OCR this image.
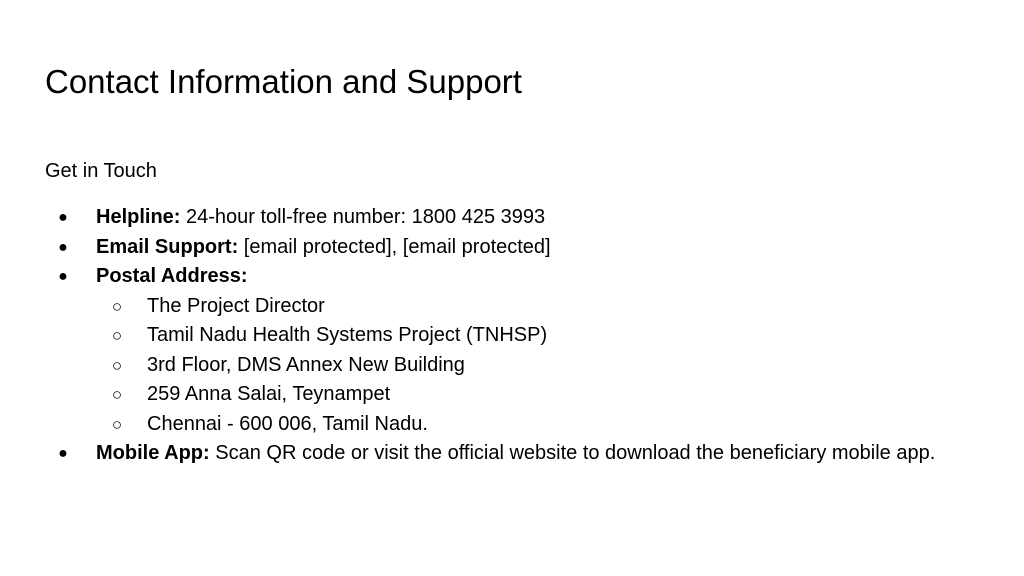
Contact Information and Support
Get in Touch
● Helpline: 24-hour toll-free number: 1800 425 3993
● Email Support: [email protected], [email protected]
● Postal Address:
○ The Project Director
○ Tamil Nadu Health Systems Project (TNHSP)
○ 3rd Floor, DMS Annex New Building
○ 259 Anna Salai, Teynampet
○ Chennai - 600 006, Tamil Nadu.
● Mobile App: Scan QR code or visit the official website to download the beneficiary mobile app.
